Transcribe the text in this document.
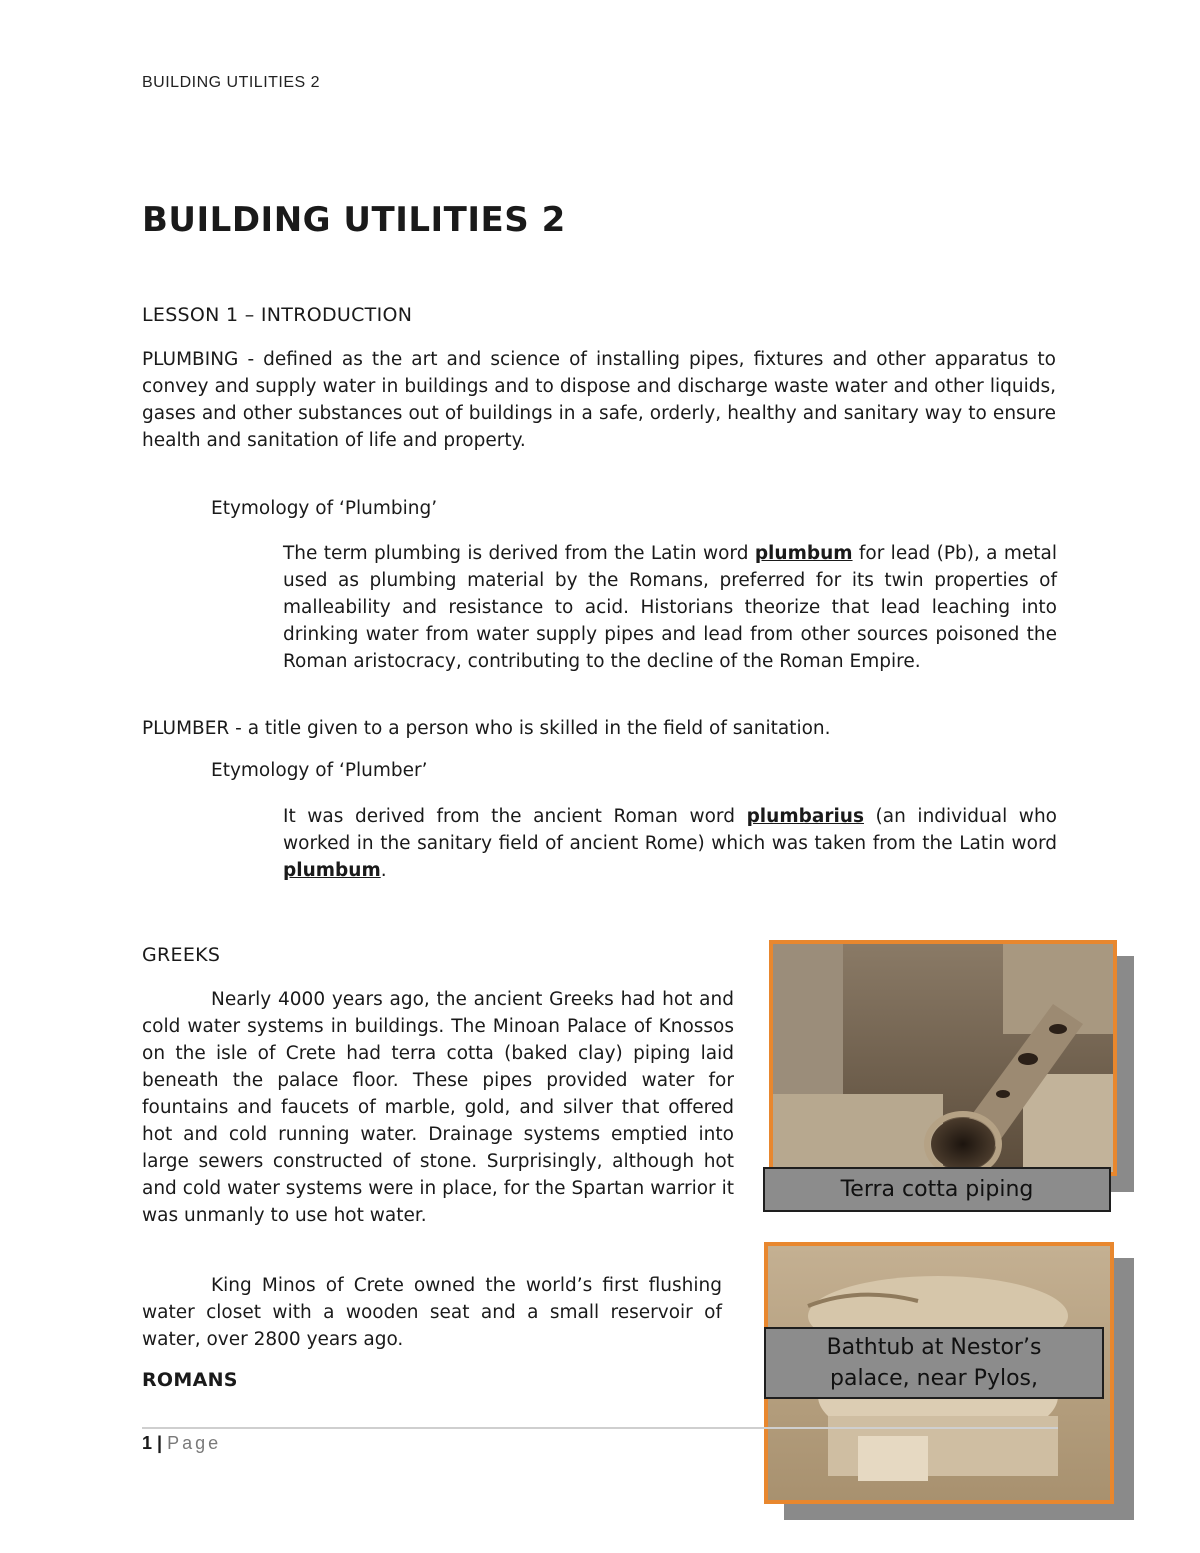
BUILDING UTILITIES 2
BUILDING UTILITIES 2
LESSON 1 – INTRODUCTION
PLUMBING - defined as the art and science of installing pipes, fixtures and other apparatus to convey and supply water in buildings and to dispose and discharge waste water and other liquids, gases and other substances out of buildings in a safe, orderly, healthy and sanitary way to ensure health and sanitation of life and property.
Etymology of ‘Plumbing’
The term plumbing is derived from the Latin word plumbum for lead (Pb), a metal used as plumbing material by the Romans, preferred for its twin properties of malleability and resistance to acid. Historians theorize that lead leaching into drinking water from water supply pipes and lead from other sources poisoned the Roman aristocracy, contributing to the decline of the Roman Empire.
PLUMBER - a title given to a person who is skilled in the field of sanitation.
Etymology of ‘Plumber’
It was derived from the ancient Roman word plumbarius (an individual who worked in the sanitary field of ancient Rome) which was taken from the Latin word plumbum.
GREEKS
Nearly 4000 years ago, the ancient Greeks had hot and cold water systems in buildings. The Minoan Palace of Knossos on the isle of Crete had terra cotta (baked clay) piping laid beneath the palace floor. These pipes provided water for fountains and faucets of marble, gold, and silver that offered hot and cold running water. Drainage systems emptied into large sewers constructed of stone. Surprisingly, although hot and cold water systems were in place, for the Spartan warrior it was unmanly to use hot water.
King Minos of Crete owned the world’s first flushing water closet with a wooden seat and a small reservoir of water, over 2800 years ago.
ROMANS
Terra cotta piping
Bathtub at Nestor’s palace, near Pylos,
1 | Page
